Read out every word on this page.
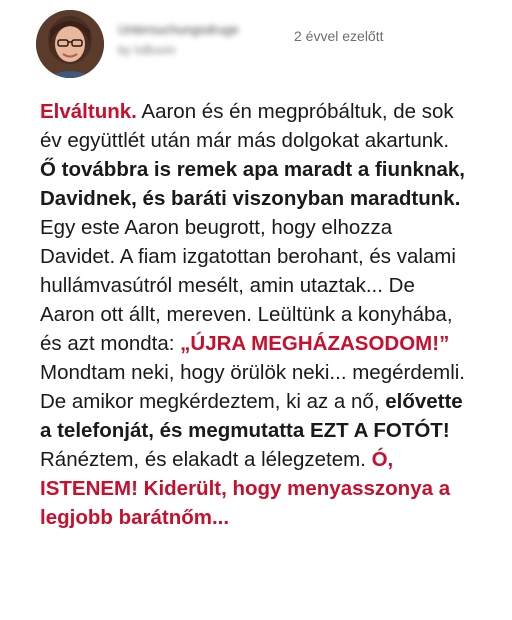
Untersuchungsdruge
by IoBuom
2 évvel ezelőtt

Elváltunk. Aaron és én megpróbáltuk, de sok év együttlét után már más dolgokat akartunk. Ő továbbra is remek apa maradt a fiunknak, Davidnek, és baráti viszonyban maradtunk. Egy este Aaron beugrott, hogy elhozza Davidet. A fiam izgatottan berohant, és valami hullámvasútról mesélt, amin utaztak... De Aaron ott állt, mereven. Leültünk a konyhába, és azt mondta: „ÚJRA MEGHÁZASODOM!” Mondtam neki, hogy örülök neki... megérdemli. De amikor megkérdeztem, ki az a nő, elővette a telefonját, és megmutatta EZT A FOTÓT! Ránéztem, és elakadt a lélegzetem. Ó, ISTENEM! Kiderült, hogy menyasszonya a legjobb barátnőm...
